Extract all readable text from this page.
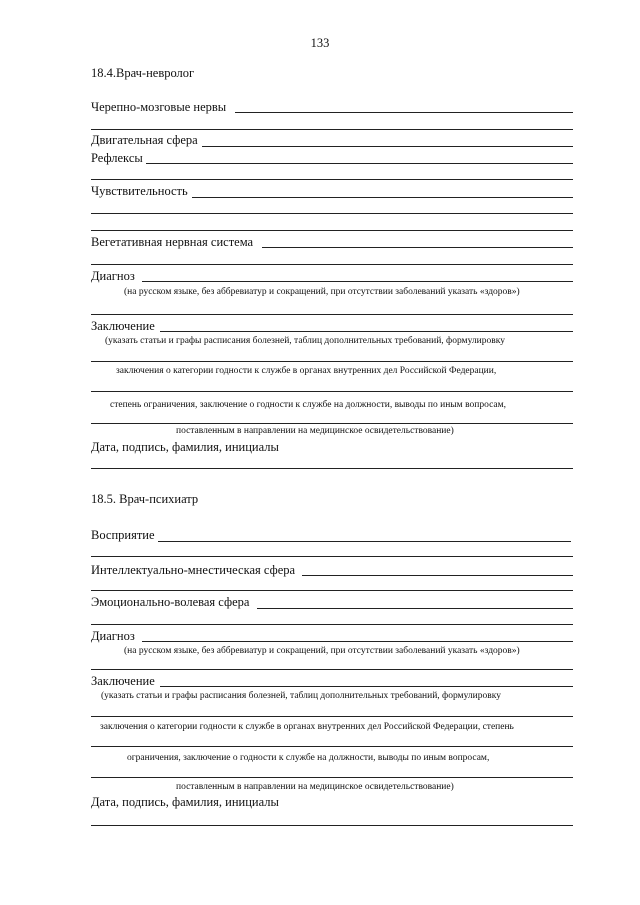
133
18.4.Врач-невролог
Черепно-мозговые нервы
Двигательная сфера
Рефлексы
Чувствительность
Вегетативная нервная система
Диагноз
(на русском языке, без аббревиатур и сокращений, при отсутствии заболеваний указать «здоров»)
Заключение
(указать статьи и графы расписания болезней, таблиц дополнительных требований, формулировку
заключения о категории годности к службе в органах внутренних дел Российской Федерации,
степень ограничения, заключение о годности к службе на должности, выводы по иным вопросам,
поставленным в направлении на медицинское освидетельствование)
Дата, подпись, фамилия, инициалы
18.5. Врач-психиатр
Восприятие
Интеллектуально-мнестическая сфера
Эмоционально-волевая сфера
Диагноз
(на русском языке, без аббревиатур и сокращений, при отсутствии заболеваний указать «здоров»)
Заключение
(указать статьи и графы расписания болезней, таблиц дополнительных требований, формулировку
заключения о категории годности к службе в органах внутренних дел Российской Федерации, степень
ограничения, заключение о годности к службе на должности, выводы по иным вопросам,
поставленным в направлении на медицинское освидетельствование)
Дата, подпись, фамилия, инициалы
